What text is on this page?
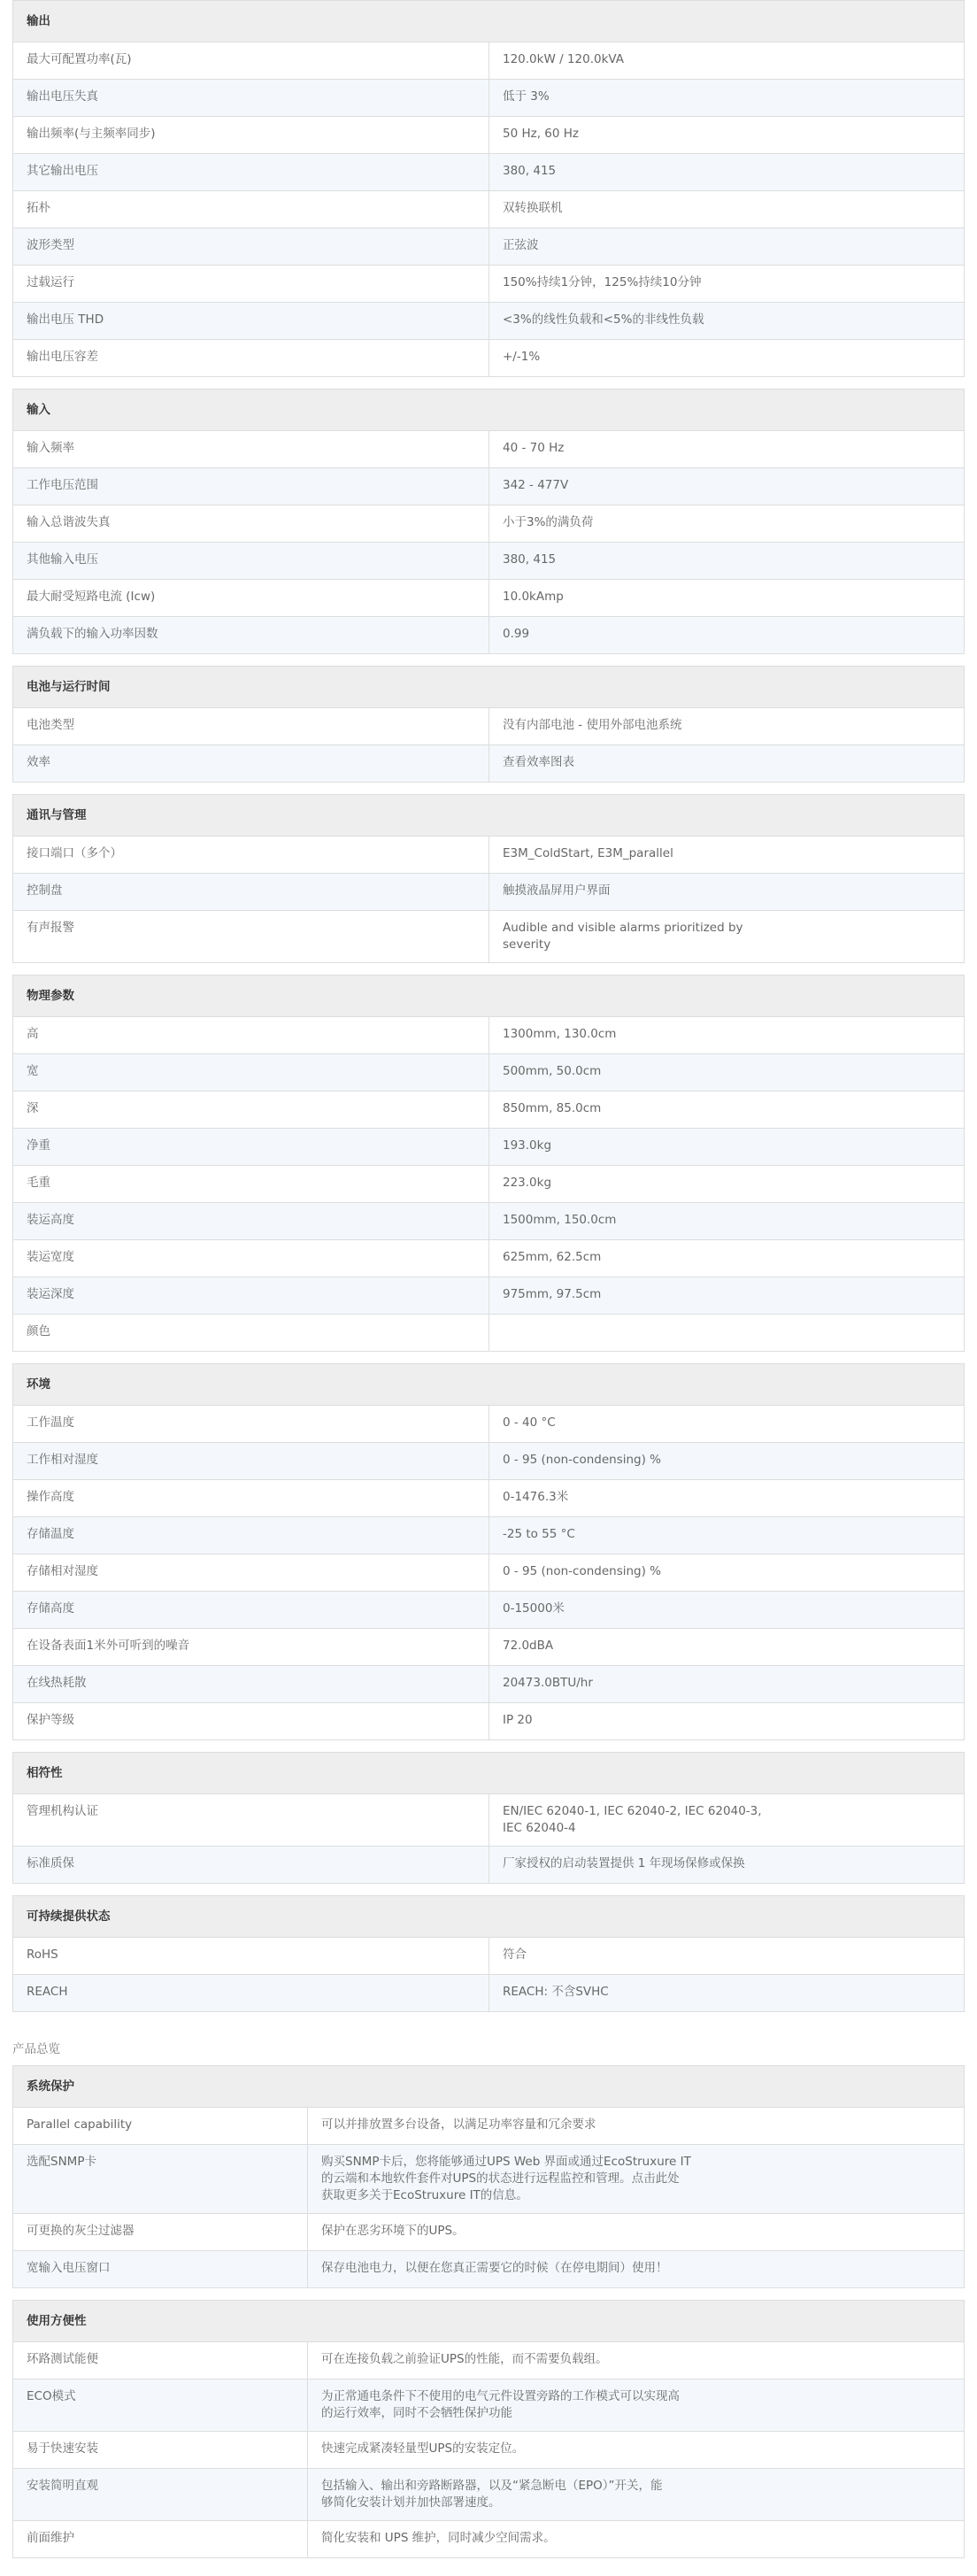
输出	
最大可配置功率(瓦)	120.0kW / 120.0kVA
输出电压失真	低于 3%
输出频率(与主频率同步)	50 Hz, 60 Hz
其它输出电压	380, 415
拓朴	双转换联机
波形类型	正弦波
过载运行	150%持续1分钟，125%持续10分钟
输出电压 THD	<3%的线性负载和<5%的非线性负载
输出电压容差	+/-1%
输入	
输入频率	40 - 70 Hz
工作电压范围	342 - 477V
输入总谐波失真	小于3%的满负荷
其他输入电压	380, 415
最大耐受短路电流 (Icw)	10.0kAmp
满负载下的输入功率因数	0.99
电池与运行时间	
电池类型	没有内部电池 - 使用外部电池系统
效率	查看效率图表
通讯与管理	
接口端口（多个）	E3M_ColdStart, E3M_parallel
控制盘	触摸液晶屏用户界面
有声报警	Audible and visible alarms prioritized by
severity
物理参数	
高	1300mm, 130.0cm
宽	500mm, 50.0cm
深	850mm, 85.0cm
净重	193.0kg
毛重	223.0kg
装运高度	1500mm, 150.0cm
装运宽度	625mm, 62.5cm
装运深度	975mm, 97.5cm
颜色	
环境	
工作温度	0 - 40 °C
工作相对湿度	0 - 95 (non-condensing) %
操作高度	0-1476.3米
存储温度	-25 to 55 °C
存储相对湿度	0 - 95 (non-condensing) %
存储高度	0-15000米
在设备表面1米外可听到的噪音	72.0dBA
在线热耗散	20473.0BTU/hr
保护等级	IP 20
相符性	
管理机构认证	EN/IEC 62040-1, IEC 62040-2, IEC 62040-3,
IEC 62040-4

标准质保	厂家授权的启动装置提供 1 年现场保修或保换
可持续提供状态	
RoHS	符合
REACH	REACH: 不含SVHC
产品总览
系统保护	
Parallel capability	可以并排放置多台设备，以满足功率容量和冗余要求
选配SNMP卡	购买SNMP卡后，您将能够通过UPS Web 界面或通过EcoStruxure IT
的云端和本地软件套件对UPS的状态进行远程监控和管理。点击此处
获取更多关于EcoStruxure IT的信息。

可更换的灰尘过滤器	保护在恶劣环境下的UPS。
宽输入电压窗口	保存电池电力，以便在您真正需要它的时候（在停电期间）使用！
使用方便性	
环路测试能便	可在连接负载之前验证UPS的性能，而不需要负载组。
ECO模式	为正常通电条件下不使用的电气元件设置旁路的工作模式可以实现高
的运行效率，同时不会牺牲保护功能

易于快速安装	快速完成紧凑轻量型UPS的安装定位。
安装简明直观	包括输入、输出和旁路断路器，以及“紧急断电（EPO）”开关，能
够简化安装计划并加快部署速度。

前面维护	简化安装和 UPS 维护，同时减少空间需求。
